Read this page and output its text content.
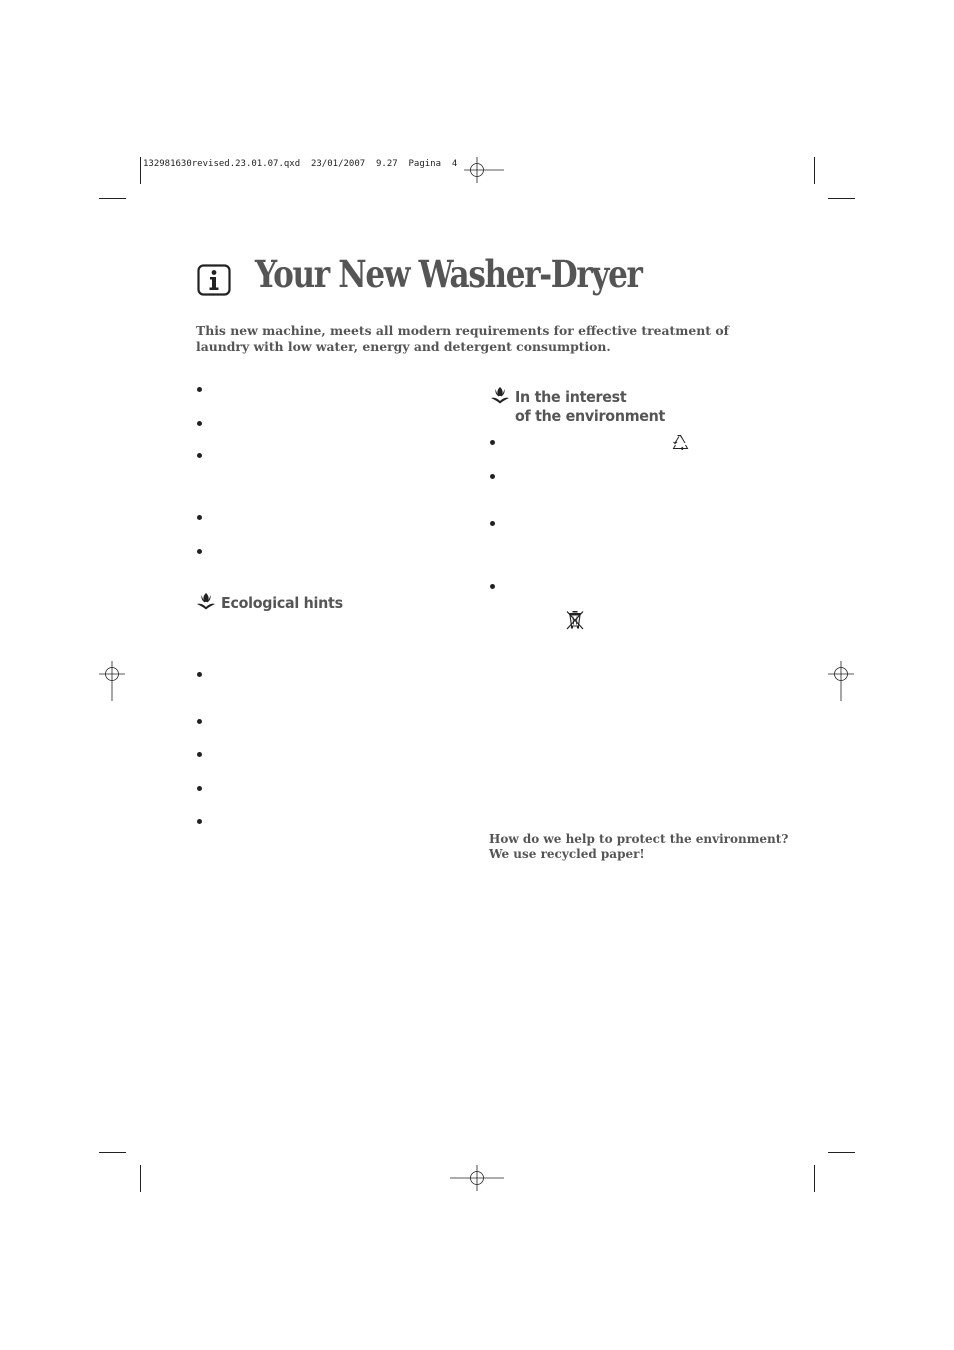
132981630revised.23.01.07.qxd  23/01/2007  9.27  Pagina  4
Your New Washer-Dryer
This new machine, meets all modern requirements for effective treatment of laundry with low water, energy and detergent consumption.
Ecological hints
In the interest
of the environment
How do we help to protect the environment?
We use recycled paper!
